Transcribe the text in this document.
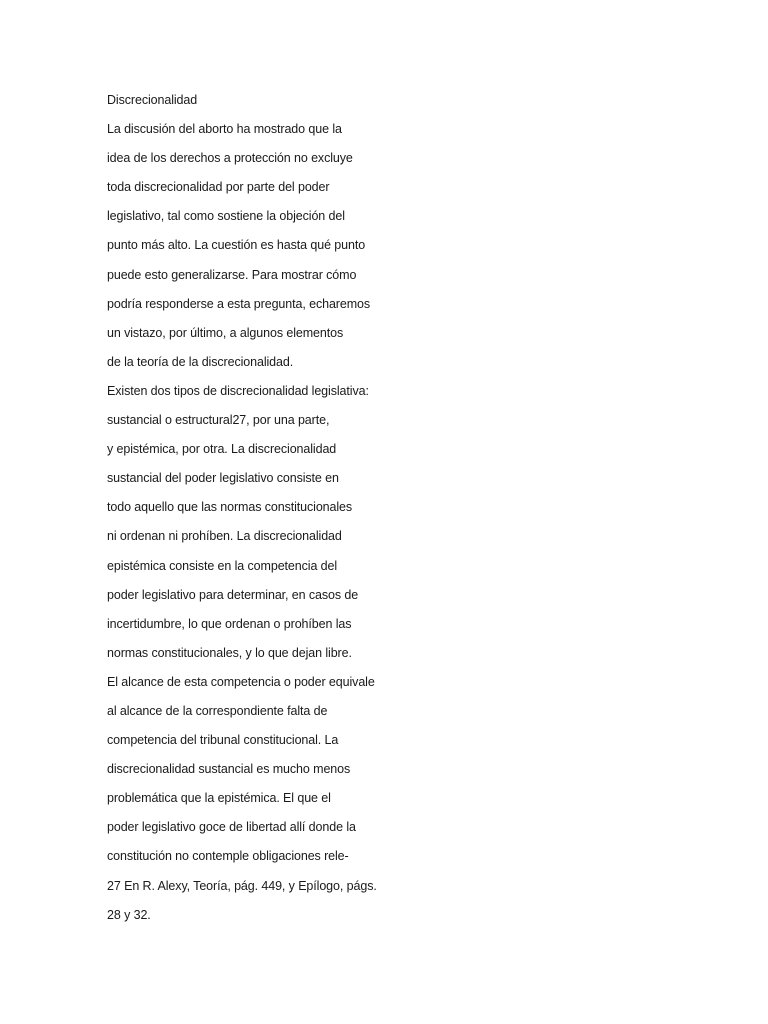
Discrecionalidad
La discusión del aborto ha mostrado que la
idea de los derechos a protección no excluye
toda discrecionalidad por parte del poder
legislativo, tal como sostiene la objeción del
punto más alto. La cuestión es hasta qué punto
puede esto generalizarse. Para mostrar cómo
podría responderse a esta pregunta, echaremos
un vistazo, por último, a algunos elementos
de la teoría de la discrecionalidad.
Existen dos tipos de discrecionalidad legislativa:
sustancial o estructural27, por una parte,
y epistémica, por otra. La discrecionalidad
sustancial del poder legislativo consiste en
todo aquello que las normas constitucionales
ni ordenan ni prohíben. La discrecionalidad
epistémica consiste en la competencia del
poder legislativo para determinar, en casos de
incertidumbre, lo que ordenan o prohíben las
normas constitucionales, y lo que dejan libre.
El alcance de esta competencia o poder equivale
al alcance de la correspondiente falta de
competencia del tribunal constitucional. La
discrecionalidad sustancial es mucho menos
problemática que la epistémica. El que el
poder legislativo goce de libertad allí donde la
constitución no contemple obligaciones rele-
27 En R. Alexy, Teoría, pág. 449, y Epílogo, págs.
28 y 32.
